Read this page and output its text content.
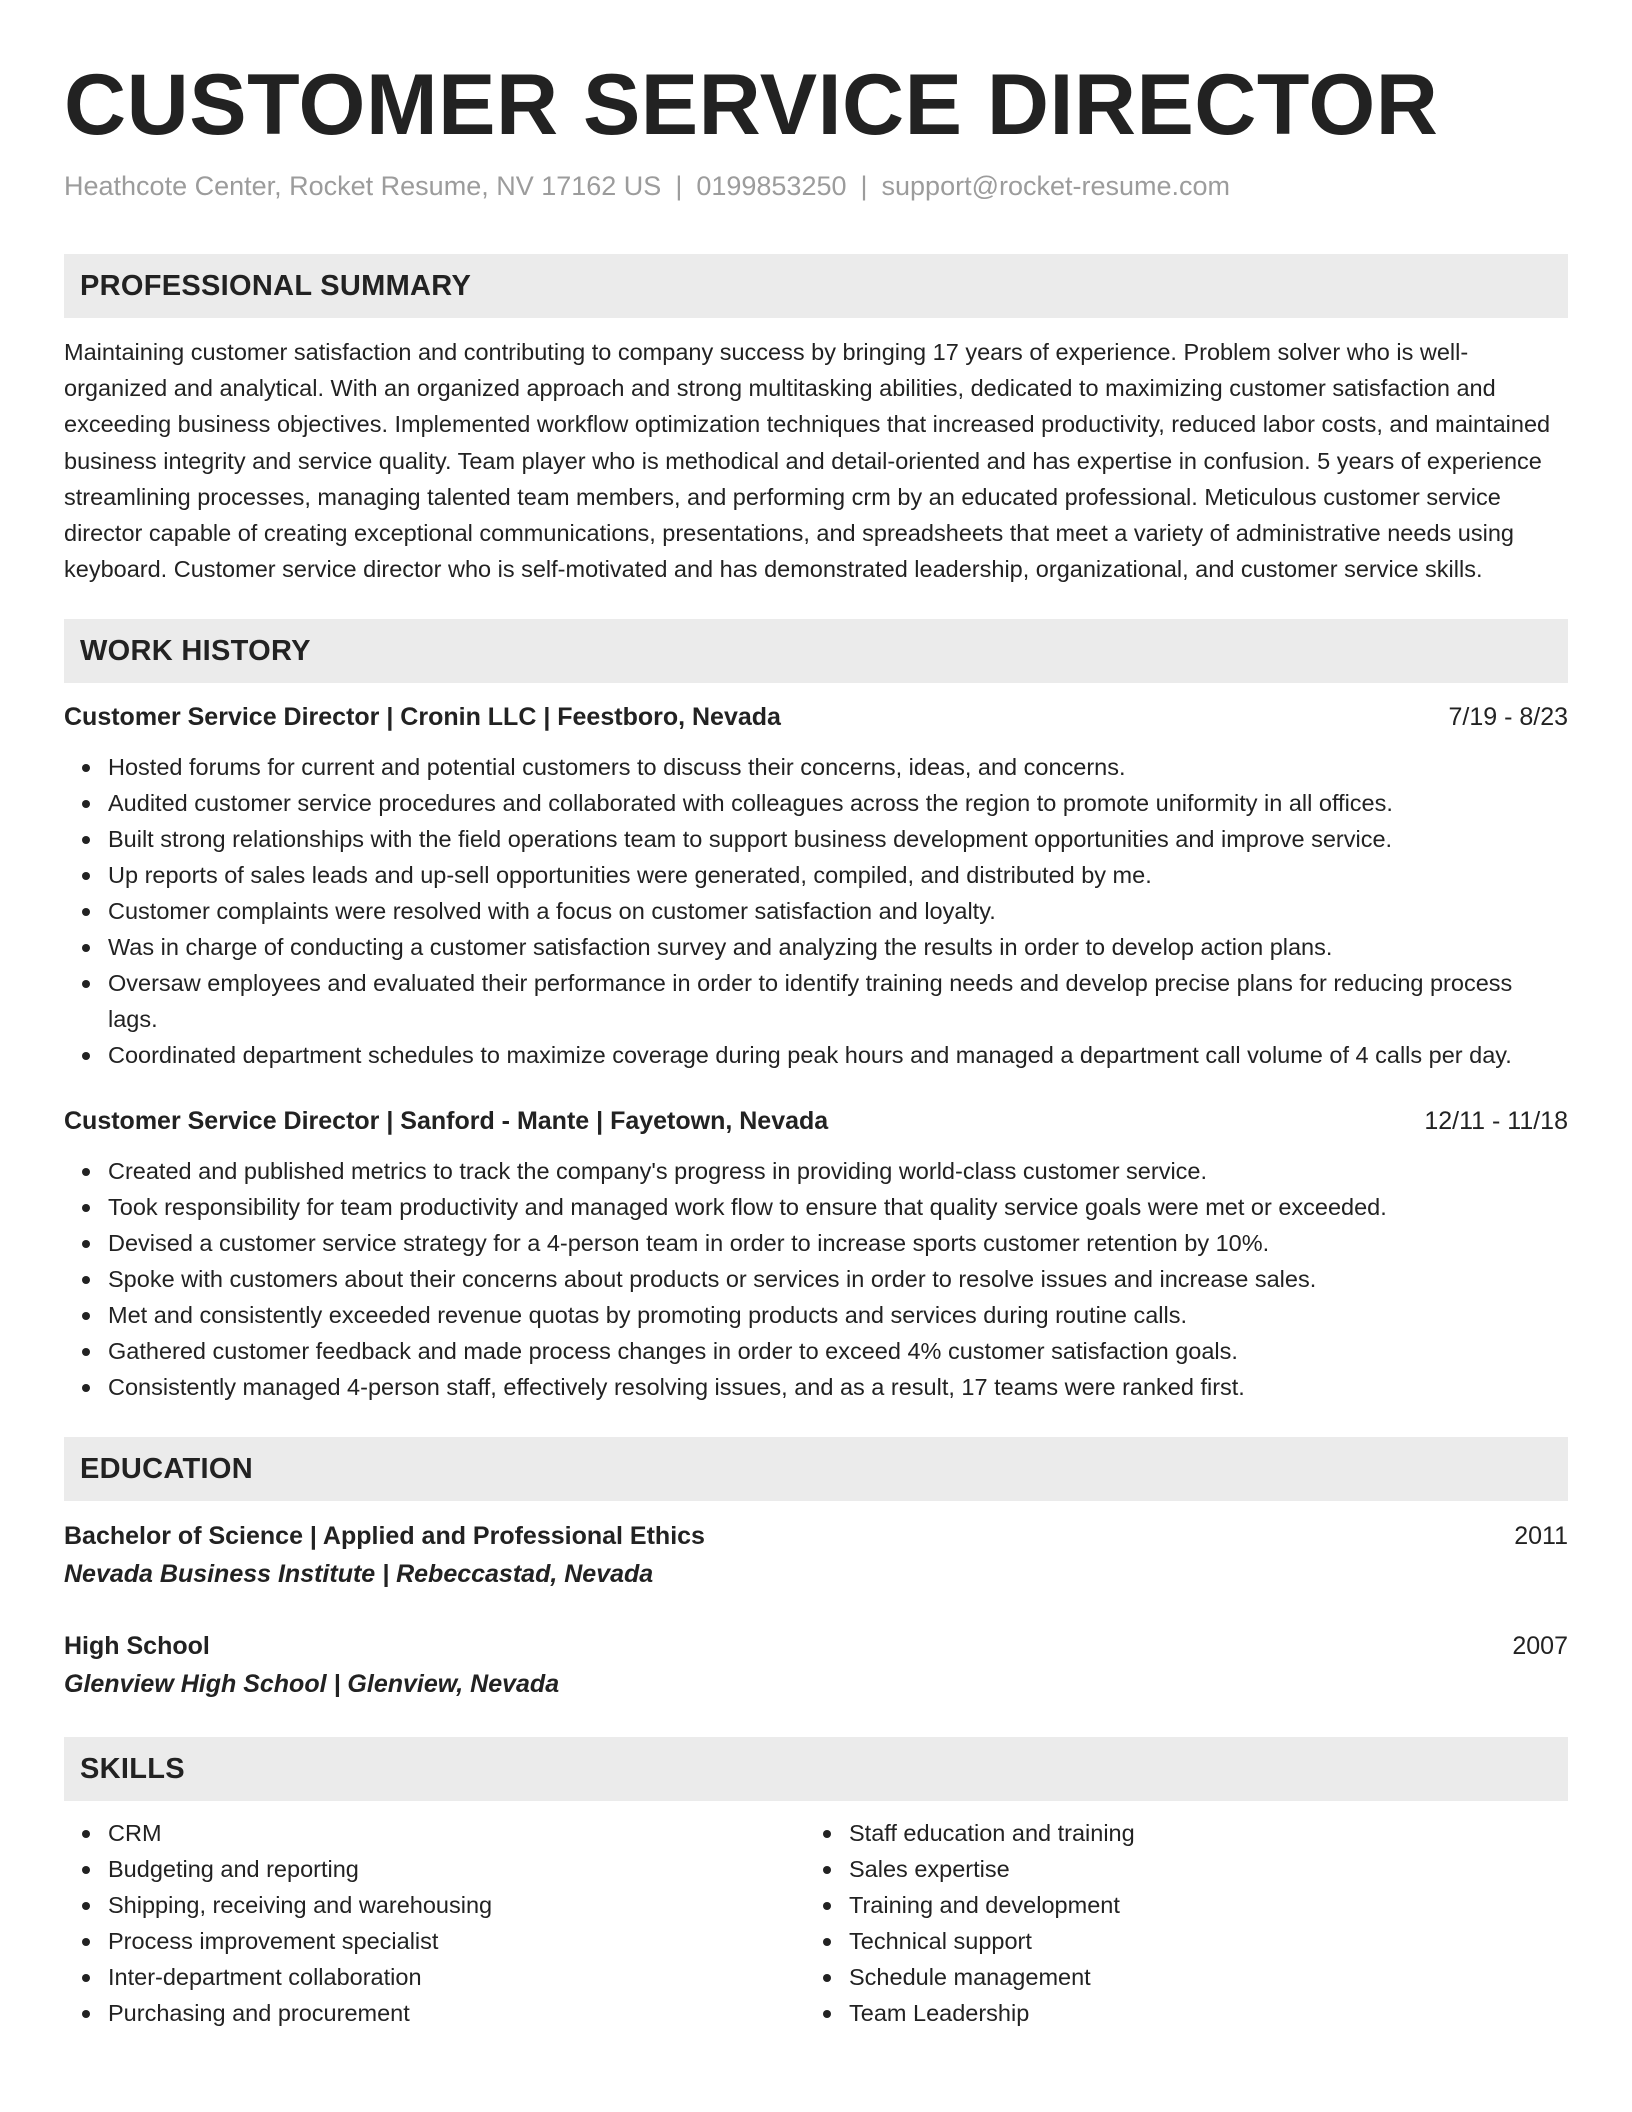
CUSTOMER SERVICE DIRECTOR
Heathcote Center, Rocket Resume, NV 17162 US | 0199853250 | support@rocket-resume.com
PROFESSIONAL SUMMARY
Maintaining customer satisfaction and contributing to company success by bringing 17 years of experience. Problem solver who is well-organized and analytical. With an organized approach and strong multitasking abilities, dedicated to maximizing customer satisfaction and exceeding business objectives. Implemented workflow optimization techniques that increased productivity, reduced labor costs, and maintained business integrity and service quality. Team player who is methodical and detail-oriented and has expertise in confusion. 5 years of experience streamlining processes, managing talented team members, and performing crm by an educated professional. Meticulous customer service director capable of creating exceptional communications, presentations, and spreadsheets that meet a variety of administrative needs using keyboard. Customer service director who is self-motivated and has demonstrated leadership, organizational, and customer service skills.
WORK HISTORY
Customer Service Director | Cronin LLC | Feestboro, Nevada	7/19 - 8/23
Hosted forums for current and potential customers to discuss their concerns, ideas, and concerns.
Audited customer service procedures and collaborated with colleagues across the region to promote uniformity in all offices.
Built strong relationships with the field operations team to support business development opportunities and improve service.
Up reports of sales leads and up-sell opportunities were generated, compiled, and distributed by me.
Customer complaints were resolved with a focus on customer satisfaction and loyalty.
Was in charge of conducting a customer satisfaction survey and analyzing the results in order to develop action plans.
Oversaw employees and evaluated their performance in order to identify training needs and develop precise plans for reducing process lags.
Coordinated department schedules to maximize coverage during peak hours and managed a department call volume of 4 calls per day.
Customer Service Director | Sanford - Mante | Fayetown, Nevada	12/11 - 11/18
Created and published metrics to track the company's progress in providing world-class customer service.
Took responsibility for team productivity and managed work flow to ensure that quality service goals were met or exceeded.
Devised a customer service strategy for a 4-person team in order to increase sports customer retention by 10%.
Spoke with customers about their concerns about products or services in order to resolve issues and increase sales.
Met and consistently exceeded revenue quotas by promoting products and services during routine calls.
Gathered customer feedback and made process changes in order to exceed 4% customer satisfaction goals.
Consistently managed 4-person staff, effectively resolving issues, and as a result, 17 teams were ranked first.
EDUCATION
Bachelor of Science | Applied and Professional Ethics	2011
Nevada Business Institute | Rebeccastad, Nevada
High School	2007
Glenview High School | Glenview, Nevada
SKILLS
CRM
Budgeting and reporting
Shipping, receiving and warehousing
Process improvement specialist
Inter-department collaboration
Purchasing and procurement
Staff education and training
Sales expertise
Training and development
Technical support
Schedule management
Team Leadership
